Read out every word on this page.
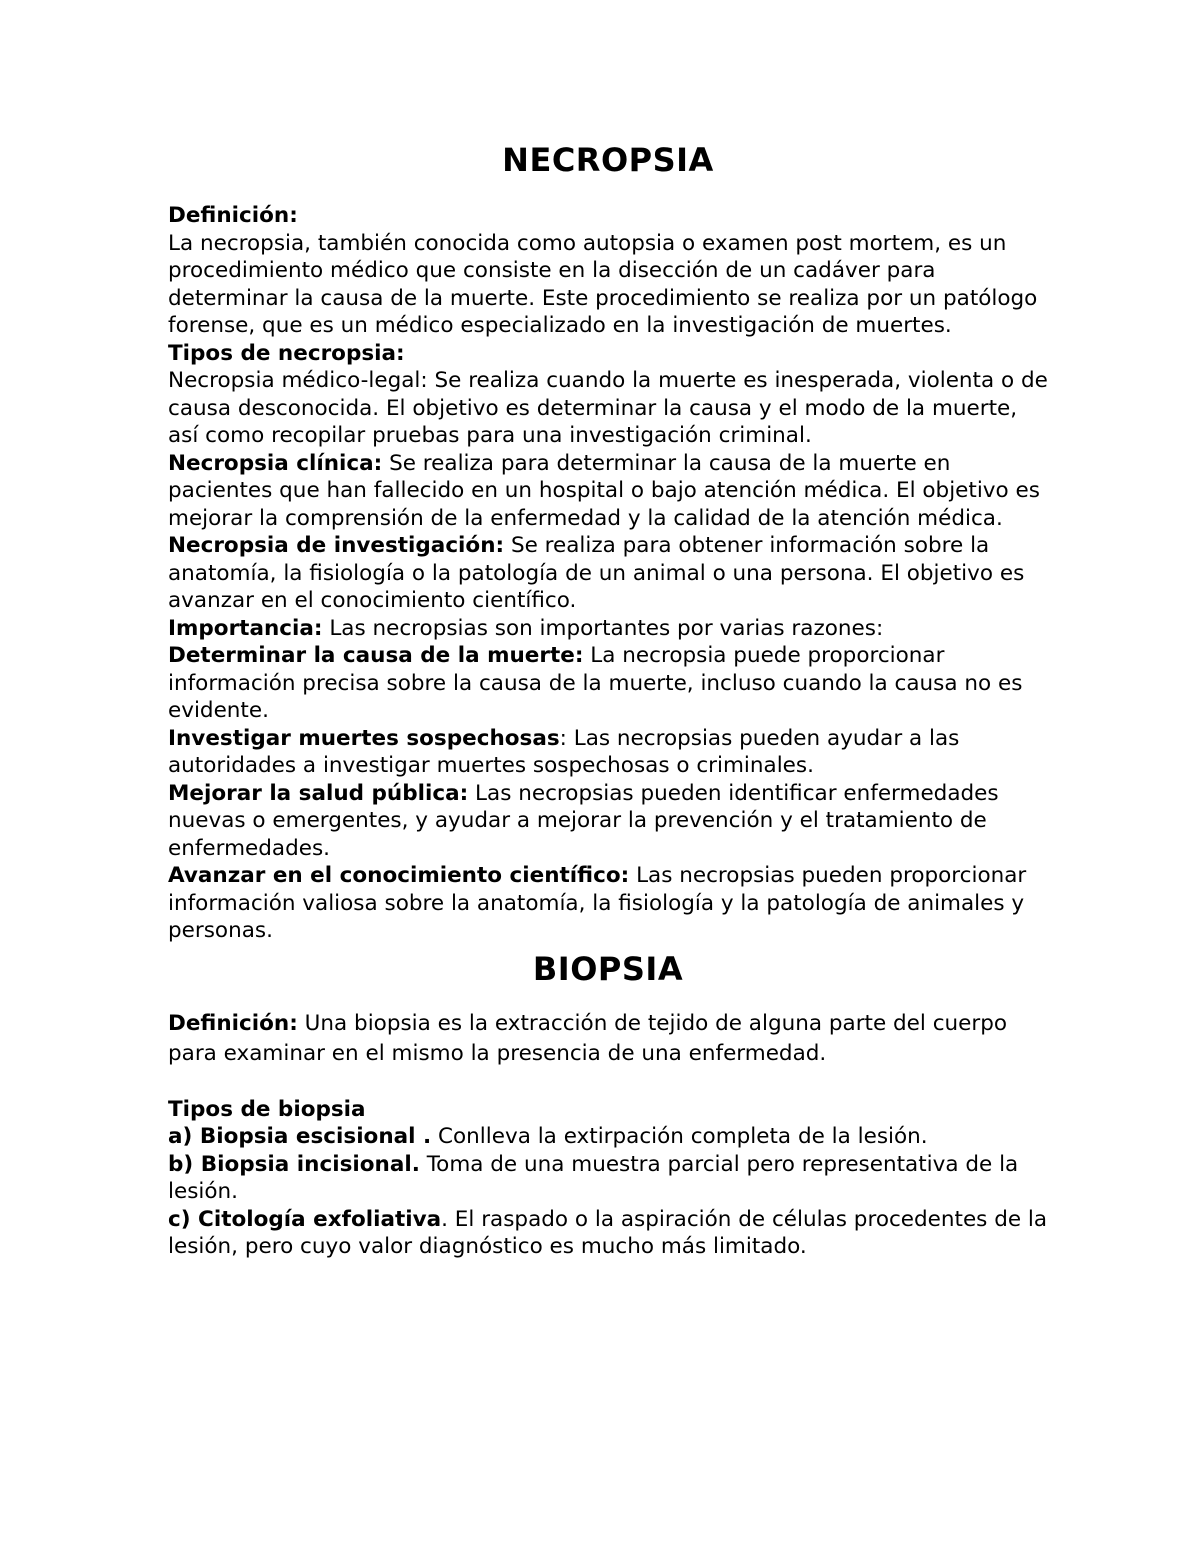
NECROPSIA

Definición:

La necropsia, también conocida como autopsia o examen post mortem, es un procedimiento médico que consiste en la disección de un cadáver para determinar la causa de la muerte. Este procedimiento se realiza por un patólogo forense, que es un médico especializado en la investigación de muertes.

Tipos de necropsia:

Necropsia médico-legal: Se realiza cuando la muerte es inesperada, violenta o de causa desconocida. El objetivo es determinar la causa y el modo de la muerte, así como recopilar pruebas para una investigación criminal.

Necropsia clínica: Se realiza para determinar la causa de la muerte en pacientes que han fallecido en un hospital o bajo atención médica. El objetivo es mejorar la comprensión de la enfermedad y la calidad de la atención médica.

Necropsia de investigación: Se realiza para obtener información sobre la anatomía, la fisiología o la patología de un animal o una persona. El objetivo es avanzar en el conocimiento científico.

Importancia: Las necropsias son importantes por varias razones:

Determinar la causa de la muerte: La necropsia puede proporcionar información precisa sobre la causa de la muerte, incluso cuando la causa no es evidente.

Investigar muertes sospechosas: Las necropsias pueden ayudar a las autoridades a investigar muertes sospechosas o criminales.

Mejorar la salud pública: Las necropsias pueden identificar enfermedades nuevas o emergentes, y ayudar a mejorar la prevención y el tratamiento de enfermedades.

Avanzar en el conocimiento científico: Las necropsias pueden proporcionar información valiosa sobre la anatomía, la fisiología y la patología de animales y personas.

BIOPSIA

Definición: Una biopsia es la extracción de tejido de alguna parte del cuerpo para examinar en el mismo la presencia de una enfermedad.

Tipos de biopsia

a) Biopsia escisional . Conlleva la extirpación completa de la lesión.

b) Biopsia incisional. Toma de una muestra parcial pero representativa de la lesión.

c) Citología exfoliativa. El raspado o la aspiración de células procedentes de la lesión, pero cuyo valor diagnóstico es mucho más limitado.
